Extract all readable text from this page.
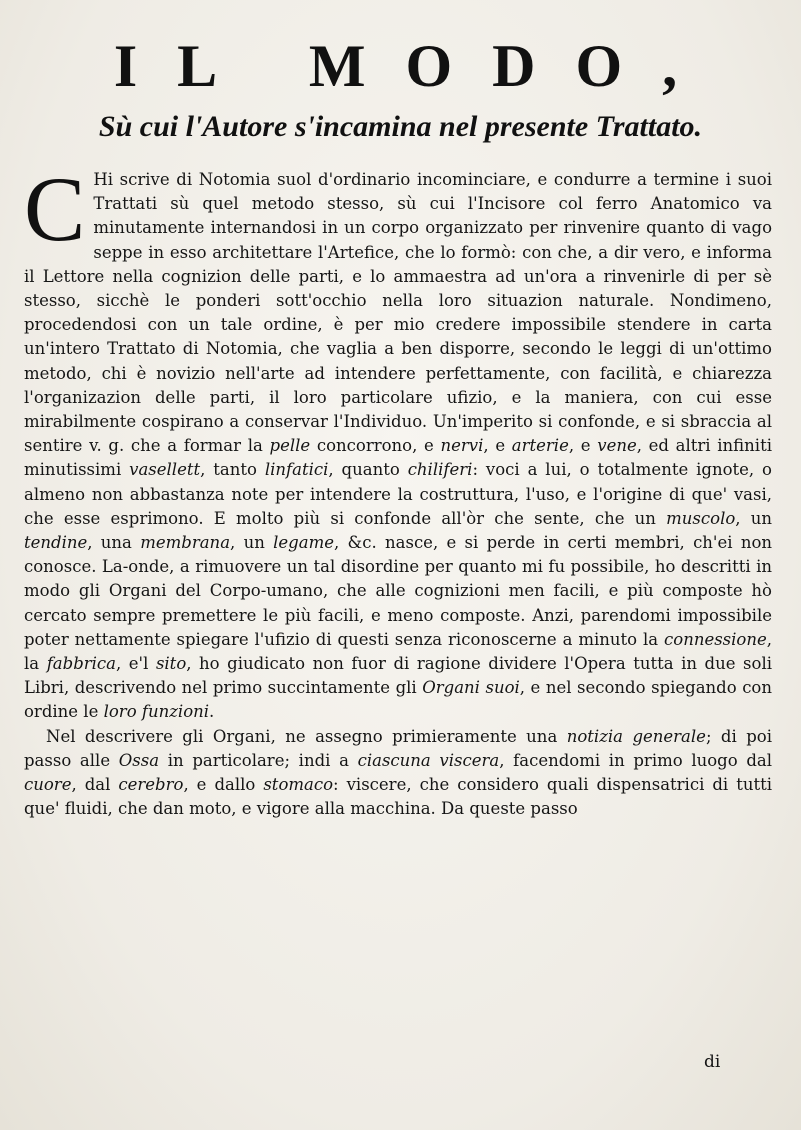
IL MODO,
Sù cui l'Autore s'incamina nel presente Trattato.

C Hi scrive di Notomia suol d'ordinario incominciare, e condurre a termine i suoi Trattati sù quel metodo stesso, sù cui l'Incisore col ferro Anatomico va minutamente internandosi in un corpo organizzato per rinvenire quanto di vago seppe in esso architettare l'Artefice, che lo formò: con che, a dir vero, e informa il Lettore nella cognizion delle parti, e lo ammaestra ad un'ora a rinvenirle di per sè stesso, sicchè le ponderi sott'occhio nella loro situazion naturale. Nondimeno, procedendosi con un tale ordine, è per mio credere impossibile stendere in carta un'intero Trattato di Notomia, che vaglia a ben disporre, secondo le leggi di un'ottimo metodo, chi è novizio nell'arte ad intendere perfettamente, con facilità, e chiarezza l'organizazion delle parti, il loro particolare ufizio, e la maniera, con cui esse mirabilmente cospirano a conservar l'Individuo. Un'imperito si confonde, e si sbraccia al sentire v. g. che a formar la pelle concorrono, e nervi, e arterie, e vene, ed altri infiniti minutissimi vasellett, tanto linfatici, quanto chiliferi: voci a lui, o totalmente ignote, o almeno non abbastanza note per intendere la costruttura, l'uso, e l'origine di que' vasi, che esse esprimono. E molto più si confonde all'òr che sente, che un muscolo, un tendine, una membrana, un legame, &c. nasce, e si perde in certi membri, ch'ei non conosce. La-onde, a rimuovere un tal disordine per quanto mi fu possibile, ho descritti in modo gli Organi del Corpo-umano, che alle cognizioni men facili, e più composte hò cercato sempre premettere le più facili, e meno composte. Anzi, parendomi impossibile poter nettamente spiegare l'ufizio di questi senza riconoscerne a minuto la connessione, la fabbrica, e'l sito, ho giudicato non fuor di ragione dividere l'Opera tutta in due soli Libri, descrivendo nel primo succintamente gli Organi suoi, e nel secondo spiegando con ordine le loro funzioni.

Nel descrivere gli Organi, ne assegno primieramente una notizia generale; di poi passo alle Ossa in particolare; indi a ciascuna viscera, facendomi in primo luogo dal cuore, dal cerebro, e dallo stomaco: viscere, che considero quali dispensatrici di tutti que' fluidi, che dan moto, e vigore alla macchina. Da queste passo

di
